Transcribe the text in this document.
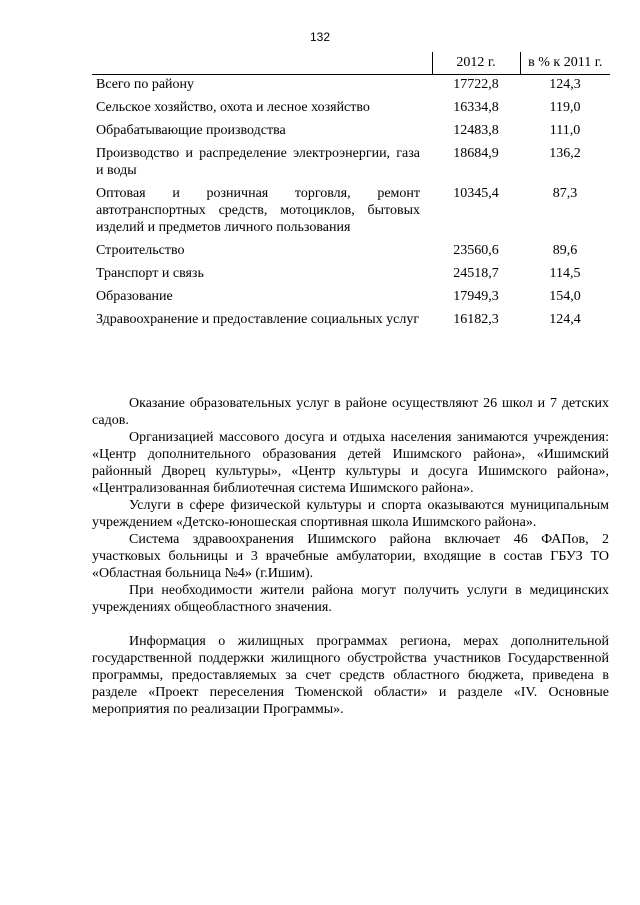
132
	2012 г.	в % к 2011 г.
Всего по району	17722,8	124,3
Сельское хозяйство, охота и лесное хозяйство	16334,8	119,0
Обрабатывающие производства	12483,8	111,0
Производство и распределение электроэнергии, газа и воды	18684,9	136,2
Оптовая и розничная торговля, ремонт автотранспортных средств, мотоциклов, бытовых изделий и предметов личного пользования	10345,4	87,3
Строительство	23560,6	89,6
Транспорт и связь	24518,7	114,5
Образование	17949,3	154,0
Здравоохранение и предоставление социальных услуг	16182,3	124,4

Оказание образовательных услуг в районе осуществляют 26 школ и 7 детских садов.

Организацией массового досуга и отдыха населения занимаются учреждения: «Центр дополнительного образования детей Ишимского района», «Ишимский районный Дворец культуры», «Центр культуры и досуга Ишимского района», «Централизованная библиотечная система Ишимского района».

Услуги в сфере физической культуры и спорта оказываются муниципальным учреждением «Детско-юношеская спортивная школа Ишимского района».

Система здравоохранения Ишимского района включает 46 ФАПов, 2 участковых больницы и 3 врачебные амбулатории, входящие в состав ГБУЗ ТО «Областная больница №4» (г.Ишим).

При необходимости жители района могут получить услуги в медицинских учреждениях общеобластного значения.

Информация о жилищных программах региона, мерах дополнительной государственной поддержки жилищного обустройства участников Государственной программы, предоставляемых за счет средств областного бюджета, приведена в разделе «Проект переселения Тюменской области» и разделе «IV. Основные мероприятия по реализации Программы».
